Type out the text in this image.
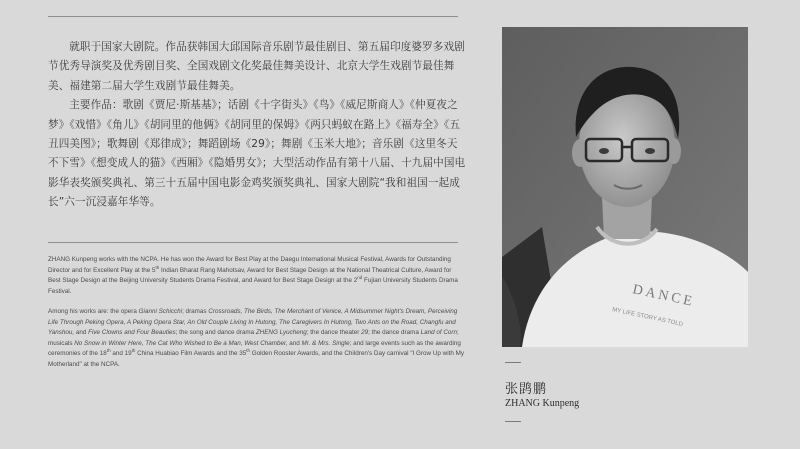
就职于国家大剧院。作品获韩国大邱国际音乐剧节最佳剧目、第五届印度婆罗多戏剧节优秀导演奖及优秀剧目奖、全国戏剧文化奖最佳舞美设计、北京大学生戏剧节最佳舞美、福建第二届大学生戏剧节最佳舞美。

主要作品：歌剧《贾尼·斯基基》；话剧《十字街头》《鸟》《威尼斯商人》《仲夏夜之梦》《戏惜》《角儿》《胡同里的他俩》《胡同里的保姆》《两只蚂蚁在路上》《福寿全》《五丑四美图》；歌舞剧《郑律成》；舞蹈剧场《29》；舞剧《玉米大地》；音乐剧《这里冬天不下雪》《想变成人的猫》《西厢》《隐婚男女》；大型活动作品有第十八届、十九届中国电影华表奖颁奖典礼、第三十五届中国电影金鸡奖颁奖典礼、国家大剧院“我和祖国一起成长”六一沉浸嘉年华等。

ZHANG Kunpeng works with the NCPA. He has won the Award for Best Play at the Daegu International Musical Festival, Awards for Outstanding Director and for Excellent Play at the 5th Indian Bharat Rang Mahotsav, Award for Best Stage Design at the National Theatrical Culture, Award for Best Stage Design at the Beijing University Students Drama Festival, and Award for Best Stage Design at the 2nd Fujian University Students Drama Festival.

Among his works are: the opera Gianni Schicchi; dramas Crossroads, The Birds, The Merchant of Venice, A Midsummer Night's Dream, Perceiving Life Through Peking Opera, A Peking Opera Star, An Old Couple Living In Hutong, The Caregivers In Hutong, Two Ants on the Road, Changfu and Yanshou, and Five Clowns and Four Beauties; the song and dance drama ZHENG Lyucheng; the dance theater 29; the dance drama Land of Corn; musicals No Snow in Winter Here, The Cat Who Wished to Be a Man, West Chamber, and Mr. & Mrs. Single; and large events such as the awarding ceremonies of the 18th and 19th China Huabiao Film Awards and the 35th Golden Rooster Awards, and the Children's Day carnival "I Grow Up with My Motherland" at the NCPA.

DANCE
MY LIFE STORY AS TOLD
张鹍鹏
ZHANG Kunpeng
